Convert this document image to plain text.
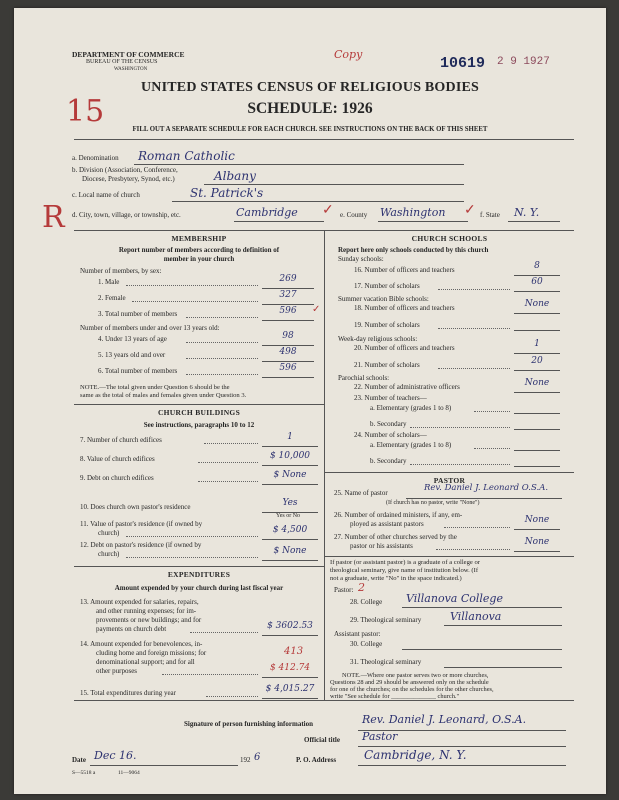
DEPARTMENT OF COMMERCE
BUREAU OF THE CENSUS
WASHINGTON
Copy
10619 2 9 1927
15
R
UNITED STATES CENSUS OF RELIGIOUS BODIES
SCHEDULE: 1926
FILL OUT A SEPARATE SCHEDULE FOR EACH CHURCH. SEE INSTRUCTIONS ON THE BACK OF THIS SHEET
a. Denomination Roman Catholic
b. Division (Association, Conference,
Diocese, Presbytery, Synod, etc.)	Albany
c. Local name of church	St. Patrick's
d. City, town, village, or township, etc.	Cambridge ✓ e. County Washington ✓ f. State N. Y.
MEMBERSHIP
Report number of members according to definition of
member in your church
Number of members, by sex:
1. Male	269
2. Female	327
3. Total number of members	596	✓
Number of members under and over 13 years old:
4. Under 13 years of age	98
5. 13 years old and over	498
6. Total number of members	596
NOTE.—The total given under Question 6 should be the
same as the total of males and females given under Question 3.
CHURCH BUILDINGS
See instructions, paragraphs 10 to 12
7. Number of church edifices	1
8. Value of church edifices	$ 10,000
9. Debt on church edifices	$ None
10. Does church own pastor's residence	Yes
Yes or No
11. Value of pastor's residence (if owned by
church)	$ 4,500
12. Debt on pastor's residence (if owned by
church)	$ None
EXPENDITURES
Amount expended by your church during last fiscal year
13. Amount expended for salaries, repairs,
and other running expenses; for im-
provements or new buildings; and for
payments on church debt	$ 3602.53
14. Amount expended for benevolences, in-
cluding home and foreign missions; for
denominational support; and for all
other purposes
413
$ 412.74
15. Total expenditures during year	$ 4,015.27
CHURCH SCHOOLS
Report here only schools conducted by this church
Sunday schools:
16. Number of officers and teachers	8
17. Number of scholars	60
Summer vacation Bible schools:
18. Number of officers and teachers	None
19. Number of scholars
Week-day religious schools:
20. Number of officers and teachers	1
21. Number of scholars	20
Parochial schools:
22. Number of administrative officers	None
23. Number of teachers—
a. Elementary (grades 1 to 8)
b. Secondary
24. Number of scholars—
a. Elementary (grades 1 to 8)
b. Secondary
PASTOR
25. Name of pastor	Rev. Daniel J. Leonard O.S.A.
(If church has no pastor, write "None")
26. Number of ordained ministers, if any, em-
ployed as assistant pastors	None
27. Number of other churches served by the
pastor or his assistants	None
If pastor (or assistant pastor) is a graduate of a college or
theological seminary, give name of institution below. (If
not a graduate, write "No" in the space indicated.)
Pastor: 2
28. College Villanova College
29. Theological seminary	Villanova
Assistant pastor:
30. College
31. Theological seminary
NOTE.—Where one pastor serves two or more churches,
Questions 28 and 29 should be answered only on the schedule
for one of the churches; on the schedules for the other churches,
write "See schedule for ______________ church."
Signature of person furnishing information	Rev. Daniel J. Leonard, O.S.A.
Official title Pastor
Date Dec 16.	192 6	P. O. Address Cambridge, N. Y.
S—5518 a	11—9064
